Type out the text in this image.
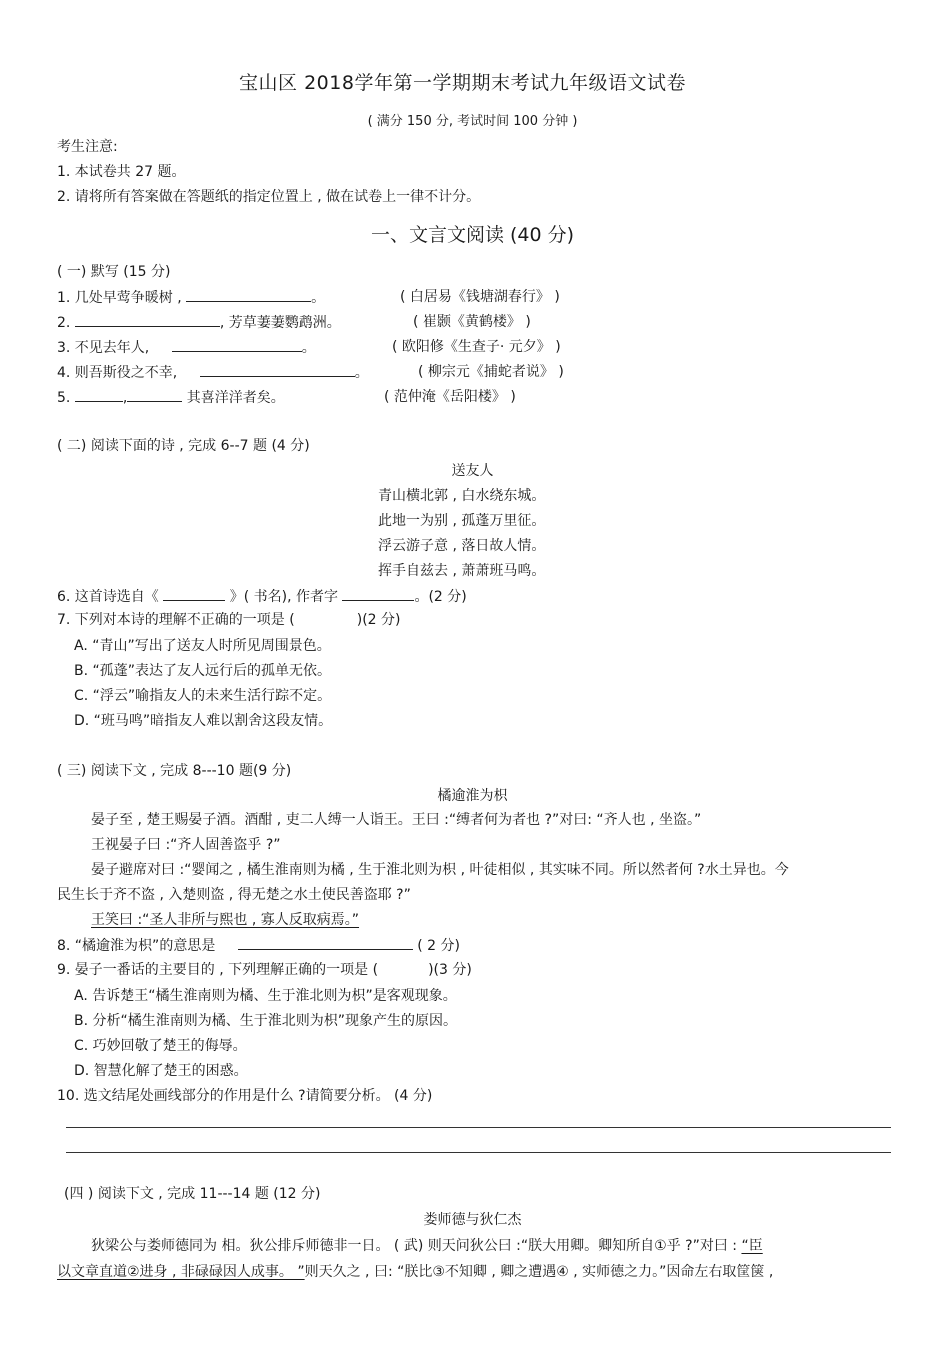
宝山区 2018学年第一学期期末考试九年级语文试卷
( 满分 150 分, 考试时间 100 分钟 )
考生注意:
1. 本试卷共 27 题。
2. 请将所有答案做在答题纸的指定位置上 , 做在试卷上一律不计分。
一、文言文阅读 (40 分)
( 一) 默写 (15 分)
1. 几处早莺争暖树 ,	。	( 白居易《钱塘湖春行》 )
2.	, 芳草萋萋鹦鹉洲。	( 崔颢《黄鹤楼》 )
3. 不见去年人,	。	( 欧阳修《生查子· 元夕》 )
4. 则吾斯役之不幸,	。	( 柳宗元《捕蛇者说》 )
5.	,	其喜洋洋者矣。	( 范仲淹《岳阳楼》 )
( 二) 阅读下面的诗 , 完成 6--7 题 (4 分)
送友人
青山横北郭 , 白水绕东城。
此地一为别 , 孤蓬万里征。
浮云游子意 , 落日故人情。
挥手自兹去 , 萧萧班马鸣。
6. 这首诗选自《	》( 书名), 作者字	。(2 分)
7. 下列对本诗的理解不正确的一项是 (	)(2 分)
A. “青山”写出了送友人时所见周围景色。
B. “孤蓬”表达了友人远行后的孤单无依。
C. “浮云”喻指友人的未来生活行踪不定。
D. “班马鸣”暗指友人难以割舍这段友情。
( 三) 阅读下文 , 完成 8---10 题(9 分)
橘逾淮为枳
晏子至 , 楚王赐晏子酒。酒酣 , 吏二人缚一人诣王。王曰 :“缚者何为者也 ?”对曰: “齐人也 , 坐盗。”
王视晏子曰 :“齐人固善盗乎 ?”
晏子避席对曰 :“婴闻之 , 橘生淮南则为橘 , 生于淮北则为枳 , 叶徒相似 , 其实味不同。所以然者何 ?水土异也。今
民生长于齐不盗 , 入楚则盗 , 得无楚之水土使民善盗耶 ?”
王笑曰 :“圣人非所与熙也 , 寡人反取病焉。”
8. “橘逾淮为枳”的意思是	( 2 分)
9. 晏子一番话的主要目的 , 下列理解正确的一项是 (	)(3 分)
A. 告诉楚王“橘生淮南则为橘、生于淮北则为枳”是客观现象。
B. 分析“橘生淮南则为橘、生于淮北则为枳”现象产生的原因。
C. 巧妙回敬了楚王的侮辱。
D. 智慧化解了楚王的困惑。
10. 选文结尾处画线部分的作用是什么 ?请简要分析。 (4 分)
(四 ) 阅读下文 , 完成 11---14 题 (12 分)
娄师德与狄仁杰
狄梁公与娄师德同为 相。狄公排斥师德非一日。 ( 武) 则天问狄公曰 :“朕大用卿。卿知所自①乎 ?”对曰 : “臣
以文章直道②进身 , 非碌碌因人成事。 ”则天久之 , 曰: “朕比③不知卿 , 卿之遭遇④ , 实师德之力。”因命左右取筐箧 ,
